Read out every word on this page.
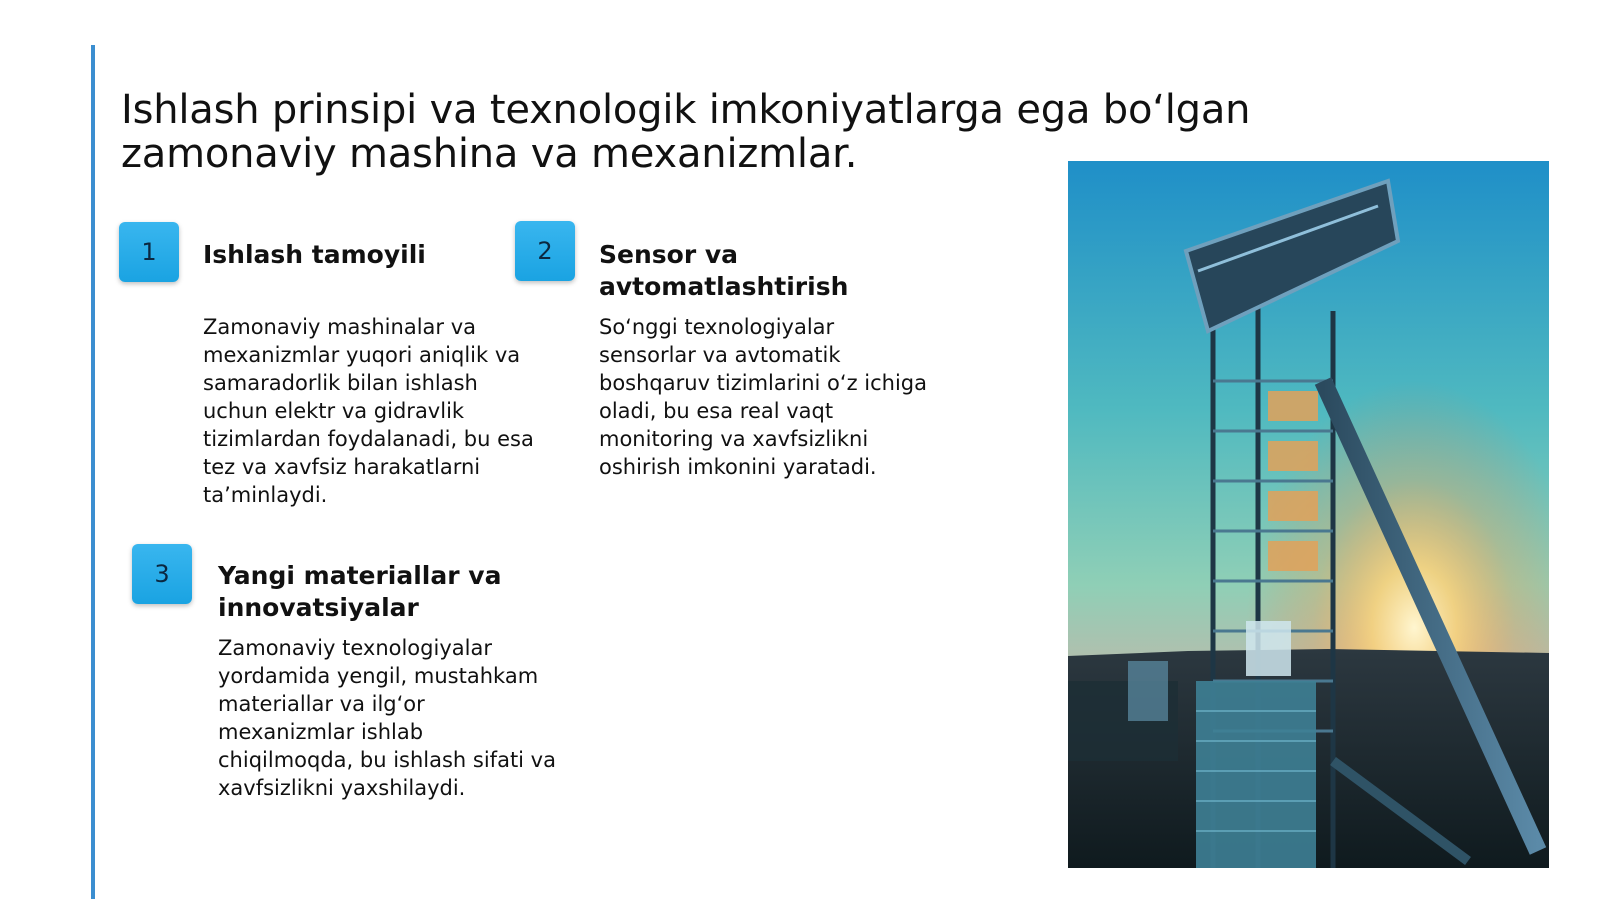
Ishlash prinsipi va texnologik imkoniyatlarga ega bo‘lgan zamonaviy mashina va mexanizmlar.
1	Ishlash tamoyili

Zamonaviy mashinalar va mexanizmlar yuqori aniqlik va samaradorlik bilan ishlash uchun elektr va gidravlik tizimlardan foydalanadi, bu esa tez va xavfsiz harakatlarni ta’minlaydi.

2	Sensor va avtomatlashtirish

So‘nggi texnologiyalar sensorlar va avtomatik boshqaruv tizimlarini o‘z ichiga oladi, bu esa real vaqt monitoring va xavfsizlikni oshirish imkonini yaratadi.

3	Yangi materiallar va innovatsiyalar

Zamonaviy texnologiyalar yordamida yengil, mustahkam materiallar va ilg‘or mexanizmlar ishlab chiqilmoqda, bu ishlash sifati va xavfsizlikni yaxshilaydi.
